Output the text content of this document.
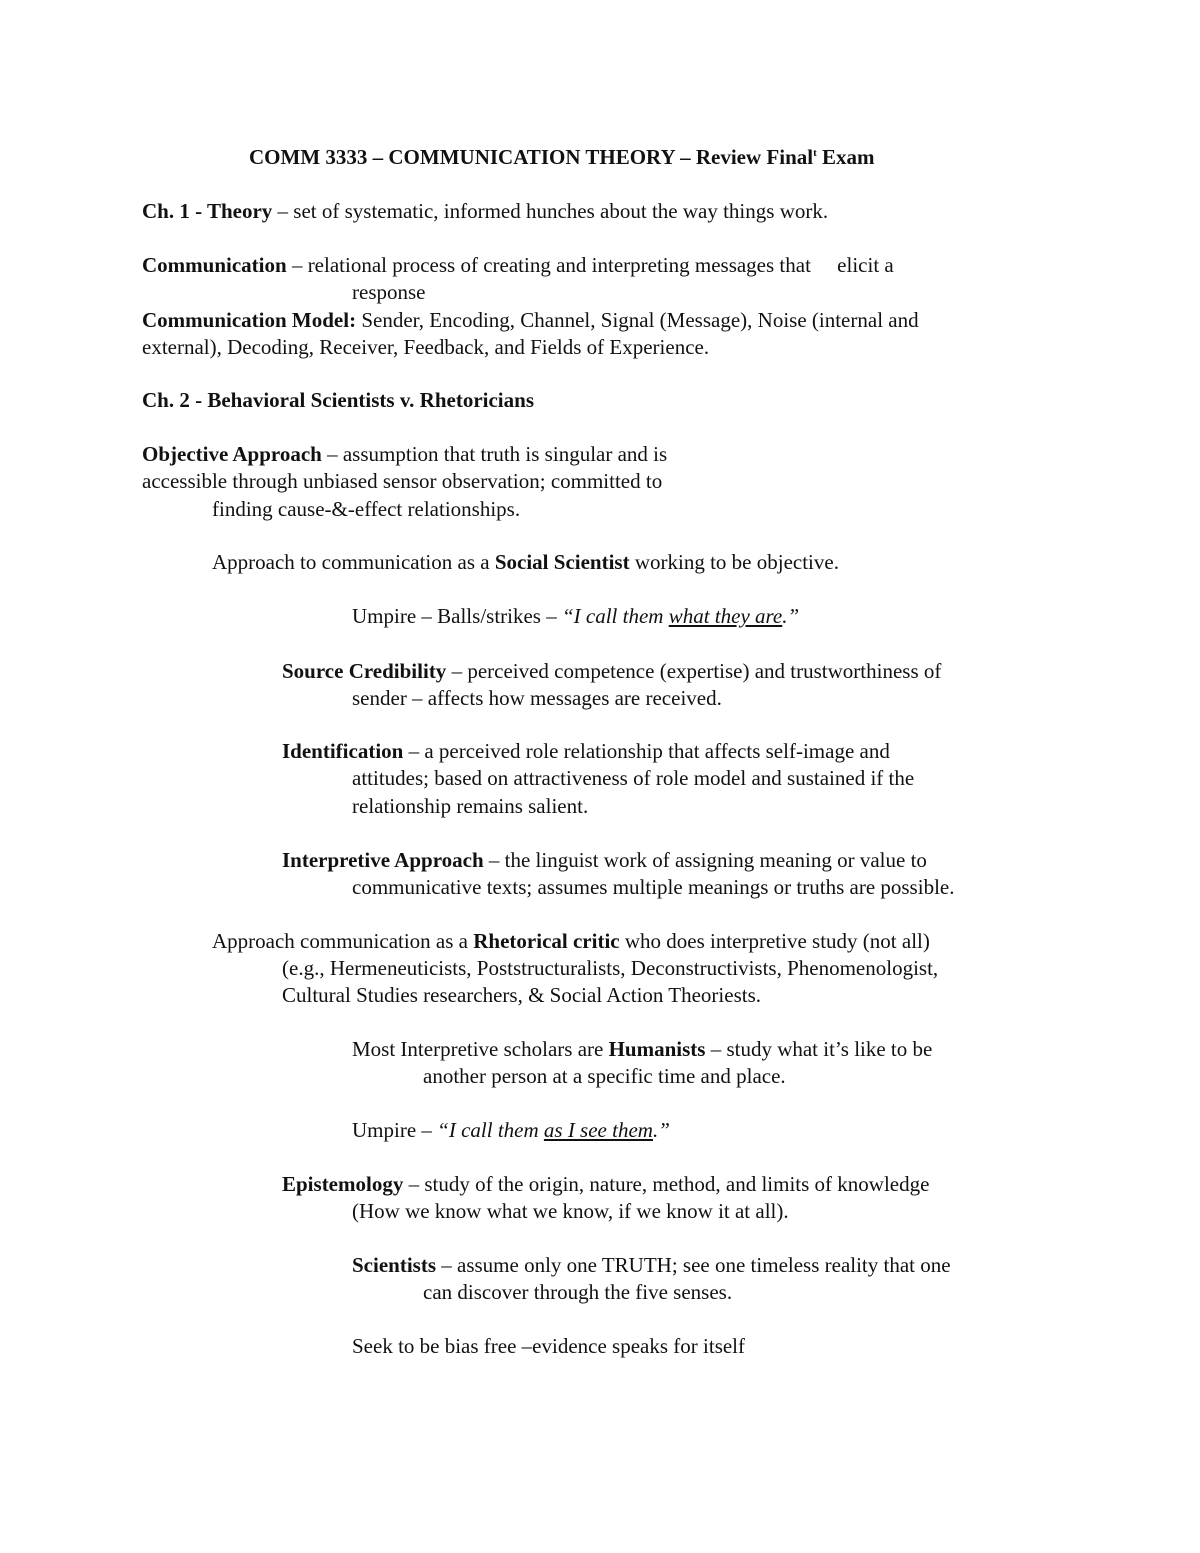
COMM 3333 – COMMUNICATION THEORY – Review Final$^t$ Exam
Ch. 1 - Theory – set of systematic, informed hunches about the way things work.
Communication – relational process of creating and interpreting messages that     elicit a
response
Communication Model: Sender, Encoding, Channel, Signal (Message), Noise (internal and
external), Decoding, Receiver, Feedback, and Fields of Experience.
Ch. 2 - Behavioral Scientists v. Rhetoricians
Objective Approach – assumption that truth is singular and is
accessible through unbiased sensor observation; committed to
finding cause-&-effect relationships.
Approach to communication as a Social Scientist working to be objective.
Umpire – Balls/strikes – “I call them what they are.”
Source Credibility – perceived competence (expertise) and trustworthiness of
sender – affects how messages are received.
Identification – a perceived role relationship that affects self-image and
attitudes; based on attractiveness of role model and sustained if the
relationship remains salient.
Interpretive Approach – the linguist work of assigning meaning or value to
communicative texts; assumes multiple meanings or truths are possible.
Approach communication as a Rhetorical critic who does interpretive study (not all)
(e.g., Hermeneuticists, Poststructuralists, Deconstructivists, Phenomenologist,
Cultural Studies researchers, & Social Action Theoriests.
Most Interpretive scholars are Humanists – study what it’s like to be
another person at a specific time and place.
Umpire – “I call them as I see them.”
Epistemology – study of the origin, nature, method, and limits of knowledge
(How we know what we know, if we know it at all).
Scientists – assume only one TRUTH; see one timeless reality that one
can discover through the five senses.
Seek to be bias free –evidence speaks for itself
